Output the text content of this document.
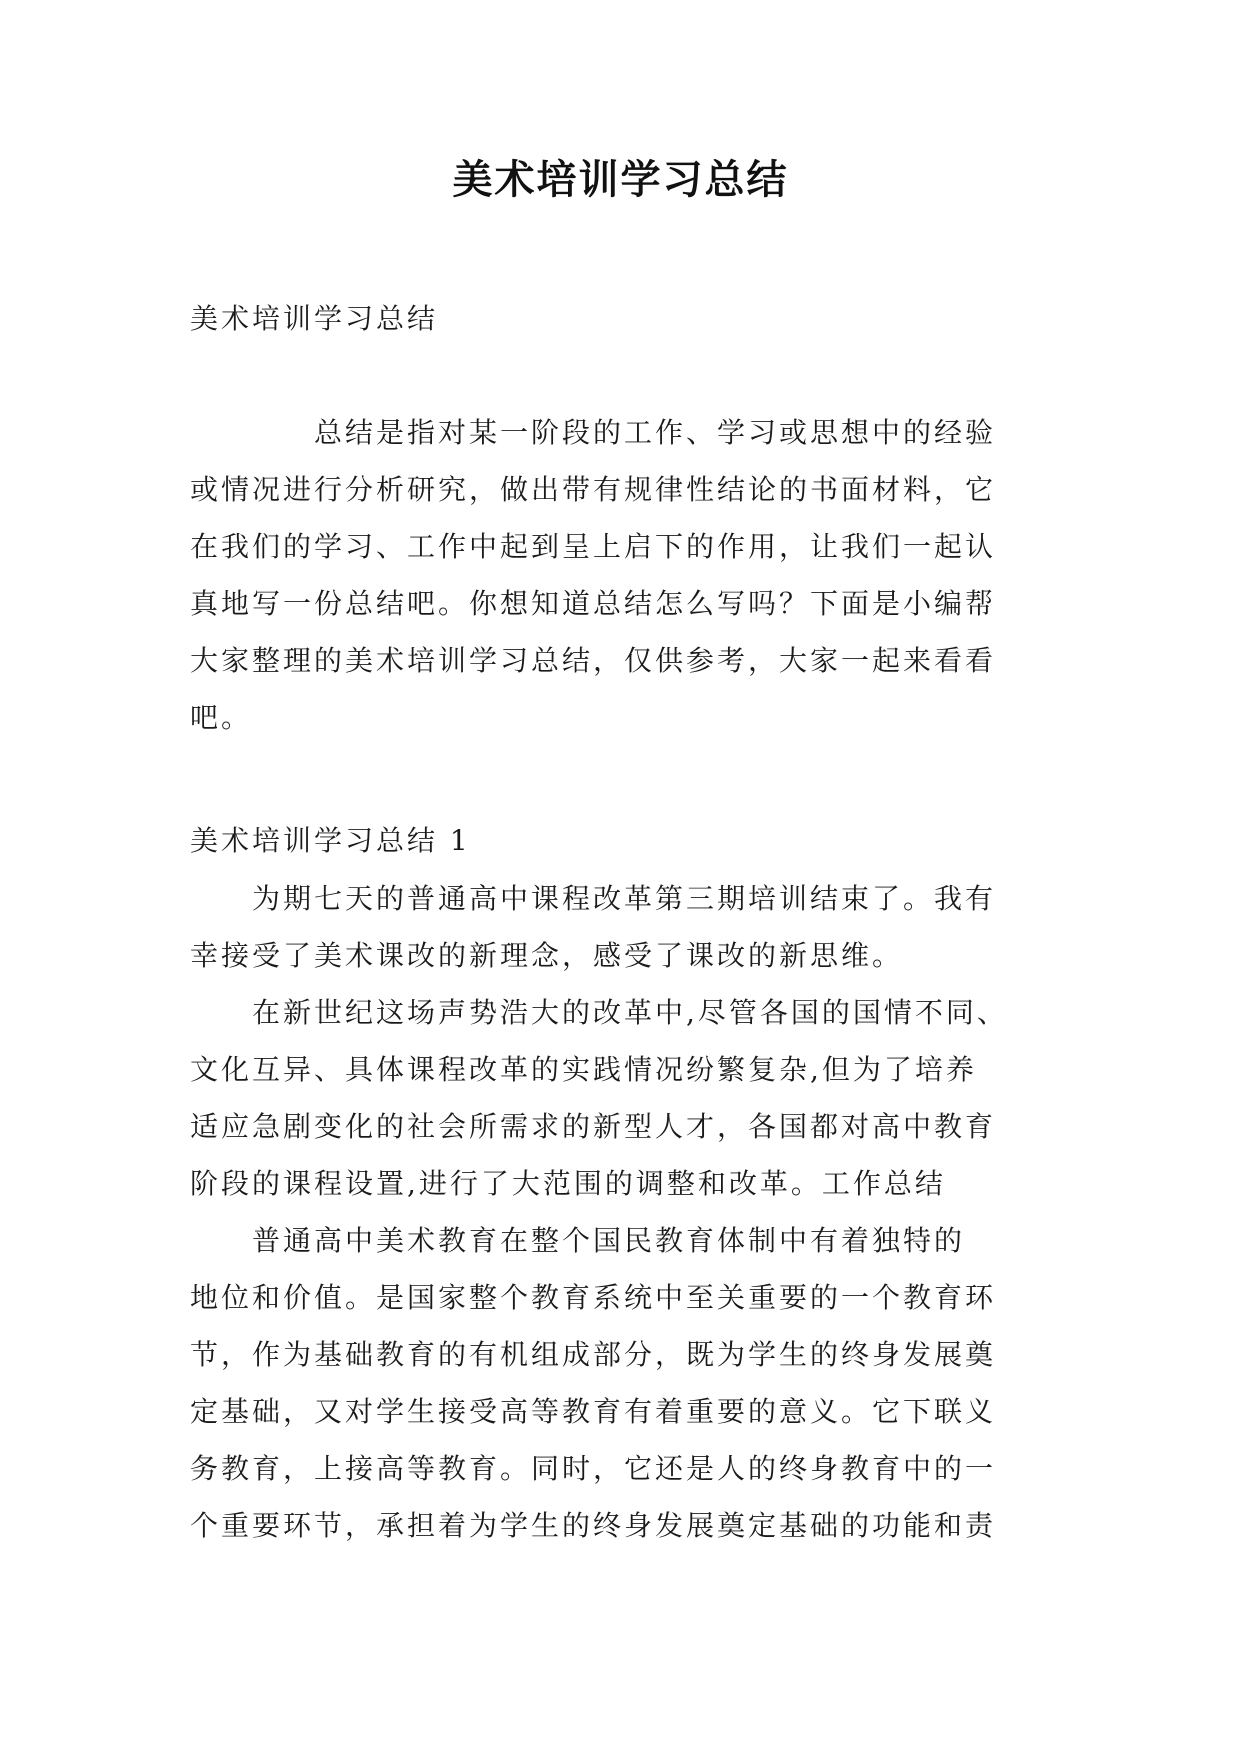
美术培训学习总结
美术培训学习总结
　　　　总结是指对某一阶段的工作、学习或思想中的经验
或情况进行分析研究，做出带有规律性结论的书面材料，它
在我们的学习、工作中起到呈上启下的作用，让我们一起认
真地写一份总结吧。你想知道总结怎么写吗？下面是小编帮
大家整理的美术培训学习总结，仅供参考，大家一起来看看
吧。
美术培训学习总结 1
　　为期七天的普通高中课程改革第三期培训结束了。我有
幸接受了美术课改的新理念，感受了课改的新思维。
　　在新世纪这场声势浩大的改革中,尽管各国的国情不同、
文化互异、具体课程改革的实践情况纷繁复杂,但为了培养
适应急剧变化的社会所需求的新型人才，各国都对高中教育
阶段的课程设置,进行了大范围的调整和改革。工作总结
　　普通高中美术教育在整个国民教育体制中有着独特的
地位和价值。是国家整个教育系统中至关重要的一个教育环
节，作为基础教育的有机组成部分，既为学生的终身发展奠
定基础，又对学生接受高等教育有着重要的意义。它下联义
务教育，上接高等教育。同时，它还是人的终身教育中的一
个重要环节，承担着为学生的终身发展奠定基础的功能和责
